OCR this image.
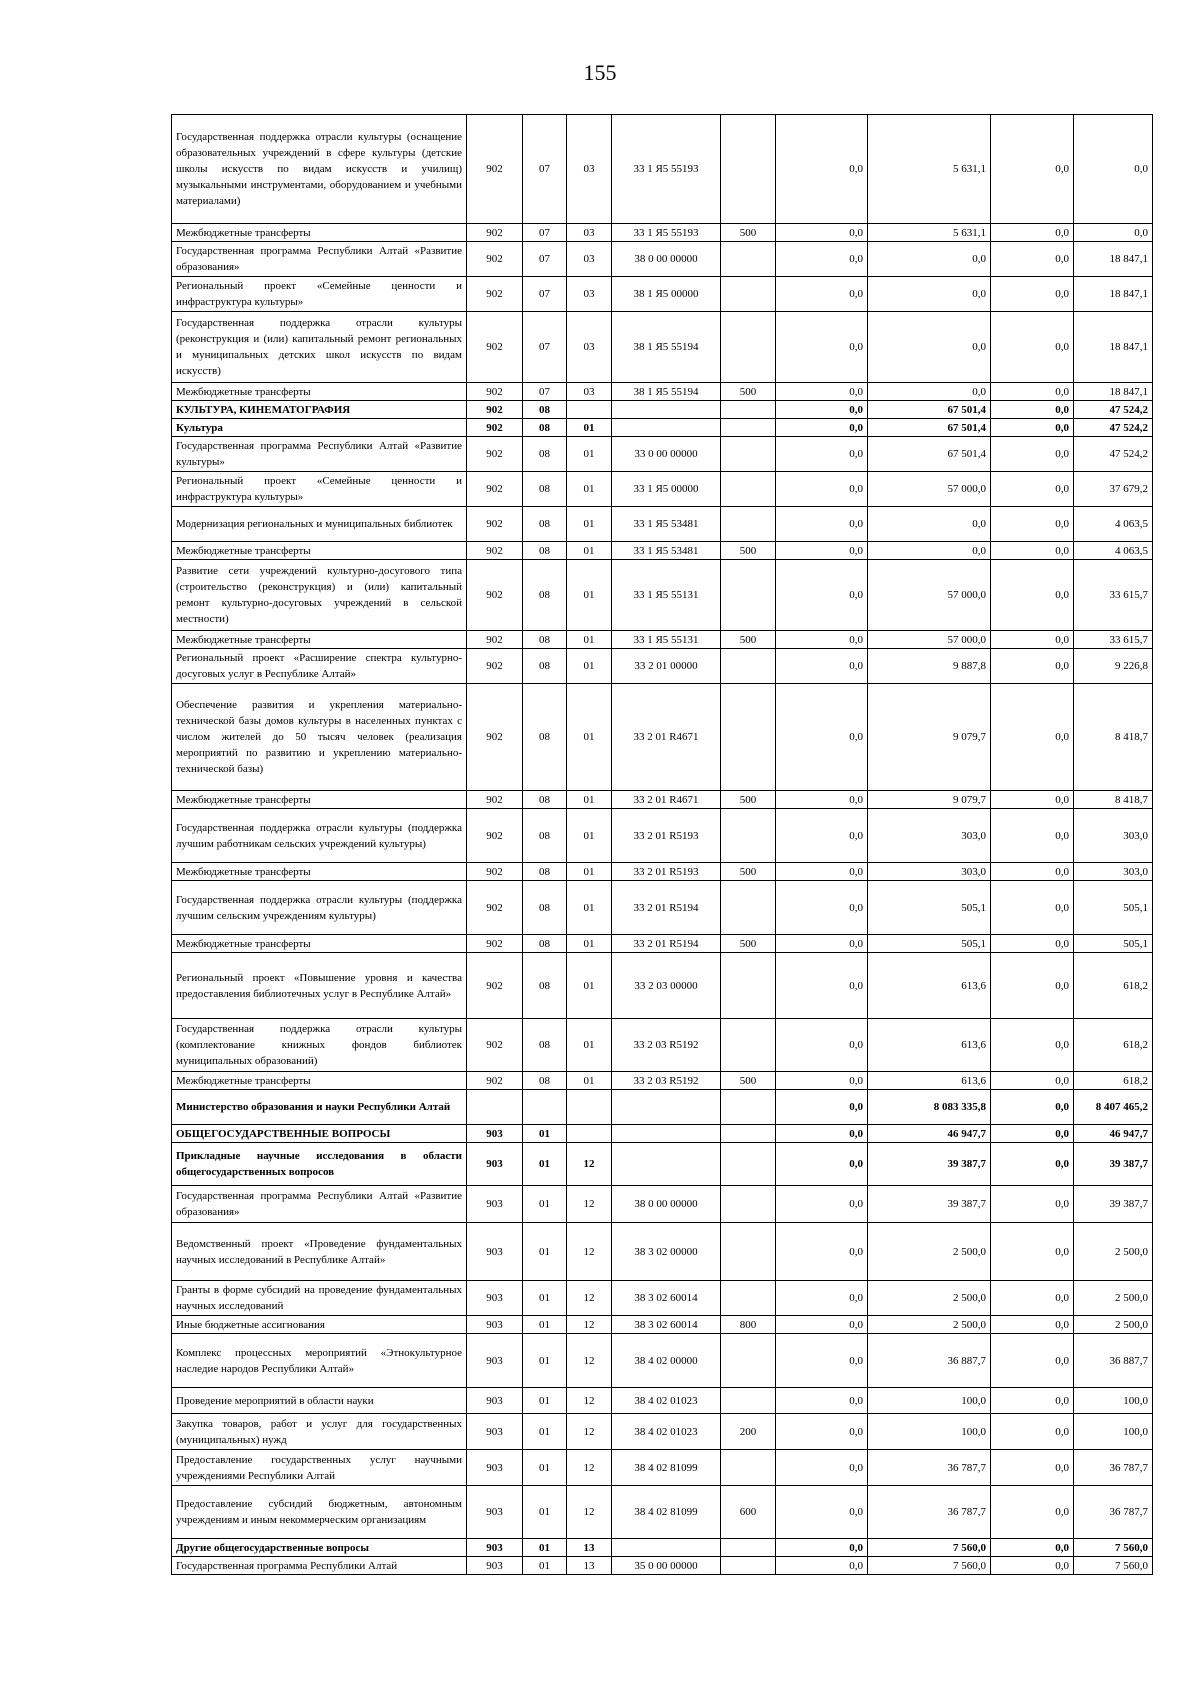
155
Государственная поддержка отрасли культуры (оснащение образовательных учреждений в сфере культуры (детские школы искусств по видам искусств и училищ) музыкальными инструментами, оборудованием и учебными материалами)	902	07	03	33 1 Я5 55193		0,0	5 631,1	0,0	0,0
Межбюджетные трансферты	902	07	03	33 1 Я5 55193	500	0,0	5 631,1	0,0	0,0
Государственная программа Республики Алтай «Развитие образования»	902	07	03	38 0 00 00000		0,0	0,0	0,0	18 847,1
Региональный проект «Семейные ценности и инфраструктура культуры»	902	07	03	38 1 Я5 00000		0,0	0,0	0,0	18 847,1
Государственная поддержка отрасли культуры (реконструкция и (или) капитальный ремонт региональных и муниципальных детских школ искусств по видам искусств)	902	07	03	38 1 Я5 55194		0,0	0,0	0,0	18 847,1
Межбюджетные трансферты	902	07	03	38 1 Я5 55194	500	0,0	0,0	0,0	18 847,1
КУЛЬТУРА, КИНЕМАТОГРАФИЯ	902	08				0,0	67 501,4	0,0	47 524,2
Культура	902	08	01			0,0	67 501,4	0,0	47 524,2
Государственная программа Республики Алтай «Развитие культуры»	902	08	01	33 0 00 00000		0,0	67 501,4	0,0	47 524,2
Региональный проект «Семейные ценности и инфраструктура культуры»	902	08	01	33 1 Я5 00000		0,0	57 000,0	0,0	37 679,2
Модернизация региональных и муниципальных библиотек	902	08	01	33 1 Я5 53481		0,0	0,0	0,0	4 063,5
Межбюджетные трансферты	902	08	01	33 1 Я5 53481	500	0,0	0,0	0,0	4 063,5
Развитие сети учреждений культурно-досугового типа (строительство (реконструкция) и (или) капитальный ремонт культурно-досуговых учреждений в сельской местности)	902	08	01	33 1 Я5 55131		0,0	57 000,0	0,0	33 615,7
Межбюджетные трансферты	902	08	01	33 1 Я5 55131	500	0,0	57 000,0	0,0	33 615,7
Региональный проект «Расширение спектра культурно-досуговых услуг в Республике Алтай»	902	08	01	33 2 01 00000		0,0	9 887,8	0,0	9 226,8
Обеспечение развития и укрепления материально-технической базы домов культуры в населенных пунктах с числом жителей до 50 тысяч человек (реализация мероприятий по развитию и укреплению материально-технической базы)	902	08	01	33 2 01 R4671		0,0	9 079,7	0,0	8 418,7
Межбюджетные трансферты	902	08	01	33 2 01 R4671	500	0,0	9 079,7	0,0	8 418,7
Государственная поддержка отрасли культуры (поддержка лучшим работникам сельских учреждений культуры)	902	08	01	33 2 01 R5193		0,0	303,0	0,0	303,0
Межбюджетные трансферты	902	08	01	33 2 01 R5193	500	0,0	303,0	0,0	303,0
Государственная поддержка отрасли культуры (поддержка лучшим сельским учреждениям культуры)	902	08	01	33 2 01 R5194		0,0	505,1	0,0	505,1
Межбюджетные трансферты	902	08	01	33 2 01 R5194	500	0,0	505,1	0,0	505,1
Региональный проект «Повышение уровня и качества предоставления библиотечных услуг в Республике Алтай»	902	08	01	33 2 03 00000		0,0	613,6	0,0	618,2
Государственная поддержка отрасли культуры (комплектование книжных фондов библиотек муниципальных образований)	902	08	01	33 2 03 R5192		0,0	613,6	0,0	618,2
Межбюджетные трансферты	902	08	01	33 2 03 R5192	500	0,0	613,6	0,0	618,2
Министерство образования и науки Республики Алтай						0,0	8 083 335,8	0,0	8 407 465,2
ОБЩЕГОСУДАРСТВЕННЫЕ ВОПРОСЫ	903	01				0,0	46 947,7	0,0	46 947,7
Прикладные научные исследования в области общегосударственных вопросов	903	01	12			0,0	39 387,7	0,0	39 387,7
Государственная программа Республики Алтай «Развитие образования»	903	01	12	38 0 00 00000		0,0	39 387,7	0,0	39 387,7
Ведомственный проект «Проведение фундаментальных научных исследований в Республике Алтай»	903	01	12	38 3 02 00000		0,0	2 500,0	0,0	2 500,0
Гранты в форме субсидий на проведение фундаментальных научных исследований	903	01	12	38 3 02 60014		0,0	2 500,0	0,0	2 500,0
Иные бюджетные ассигнования	903	01	12	38 3 02 60014	800	0,0	2 500,0	0,0	2 500,0
Комплекс процессных мероприятий «Этнокультурное наследие народов Республики Алтай»	903	01	12	38 4 02 00000		0,0	36 887,7	0,0	36 887,7
Проведение мероприятий в области науки	903	01	12	38 4 02 01023		0,0	100,0	0,0	100,0
Закупка товаров, работ и услуг для государственных (муниципальных) нужд	903	01	12	38 4 02 01023	200	0,0	100,0	0,0	100,0
Предоставление государственных услуг научными учреждениями Республики Алтай	903	01	12	38 4 02 81099		0,0	36 787,7	0,0	36 787,7
Предоставление субсидий бюджетным, автономным учреждениям и иным некоммерческим организациям	903	01	12	38 4 02 81099	600	0,0	36 787,7	0,0	36 787,7
Другие общегосударственные вопросы	903	01	13			0,0	7 560,0	0,0	7 560,0
Государственная программа Республики Алтай	903	01	13	35 0 00 00000		0,0	7 560,0	0,0	7 560,0
